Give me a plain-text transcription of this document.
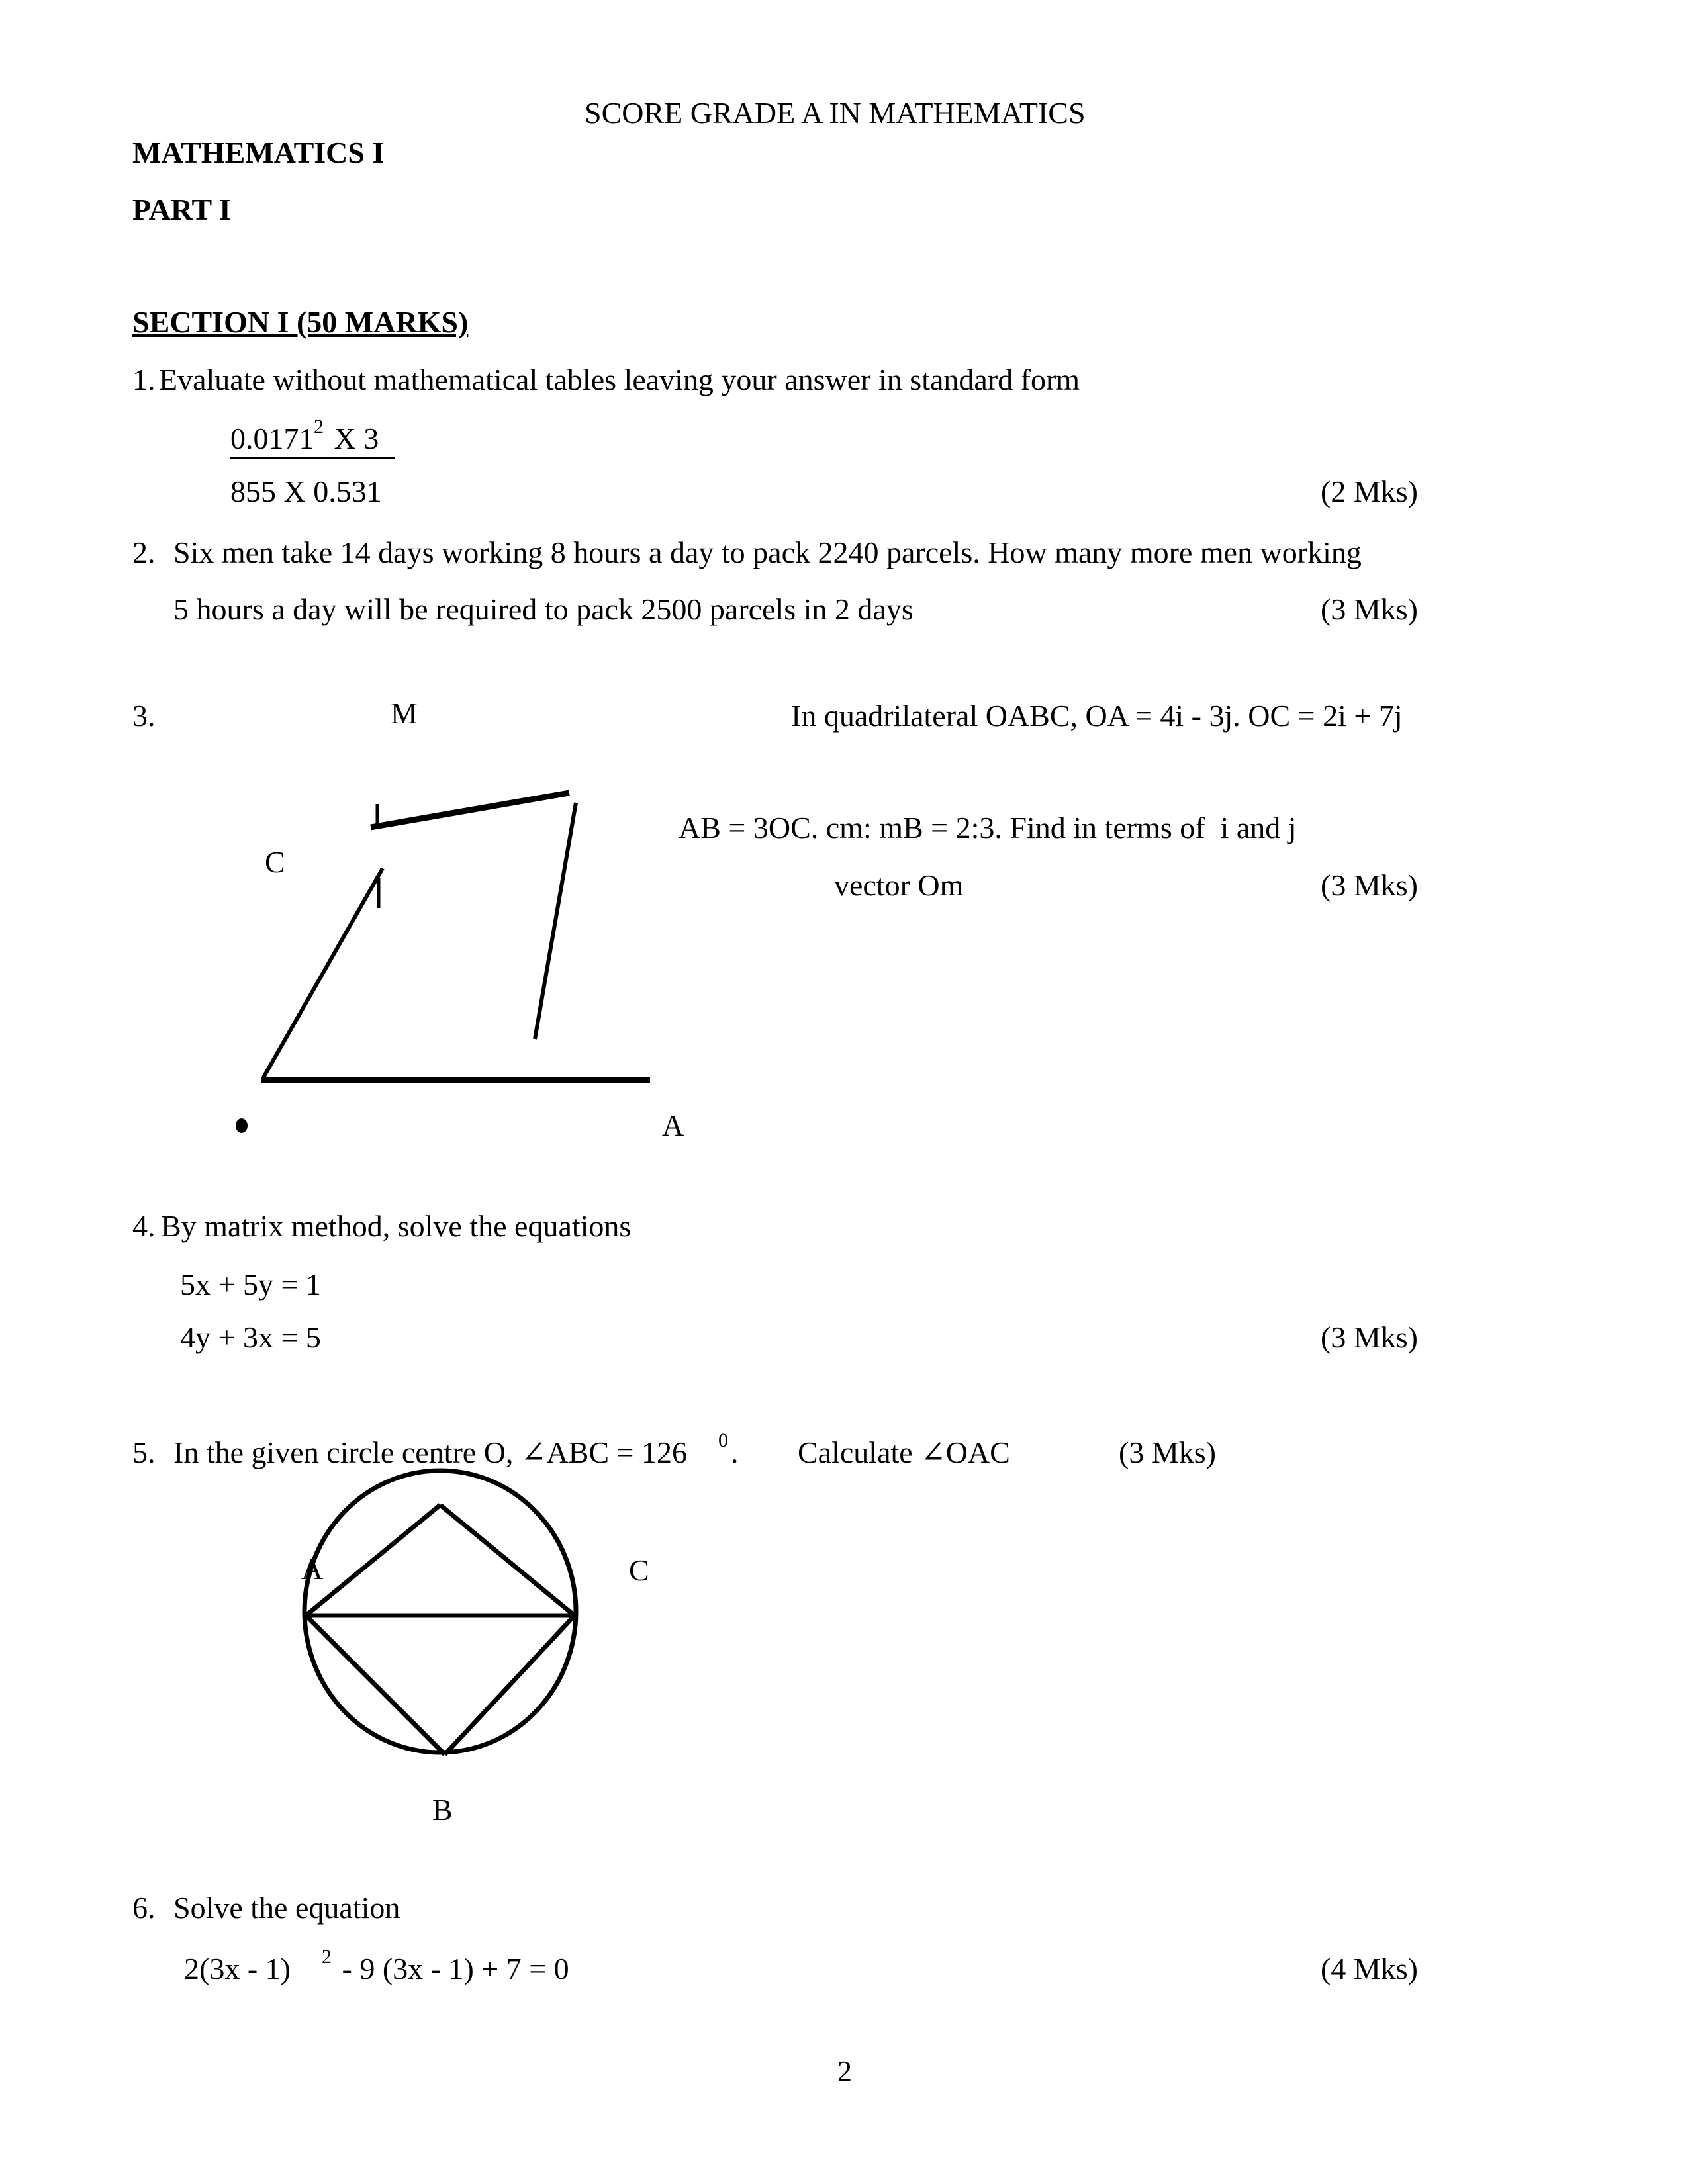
SCORE GRADE A IN MATHEMATICS
MATHEMATICS I
PART I
SECTION I (50 MARKS)
1. Evaluate without mathematical tables leaving your answer in standard form
0.0171 2 X 3
855 X 0.531	(2 Mks)
2. Six men take 14 days working 8 hours a day to pack 2240 parcels. How many more men working
5 hours a day will be required to pack 2500 parcels in 2 days	(3 Mks)
3.	In quadrilateral OABC, OA = 4i - 3j. OC = 2i + 7j
AB = 3OC. cm: mB = 2:3. Find in terms of  i and j
vector Om	(3 Mks)
M
C
A
4. By matrix method, solve the equations
5x + 5y = 1
4y + 3x = 5	(3 Mks)
5. In the given circle centre O, ∠ABC = 126 0 . Calculate ∠OAC	(3 Mks)
A	C
B
6. Solve the equation
2(3x - 1) 2 - 9 (3x - 1) + 7 = 0	(4 Mks)
2
